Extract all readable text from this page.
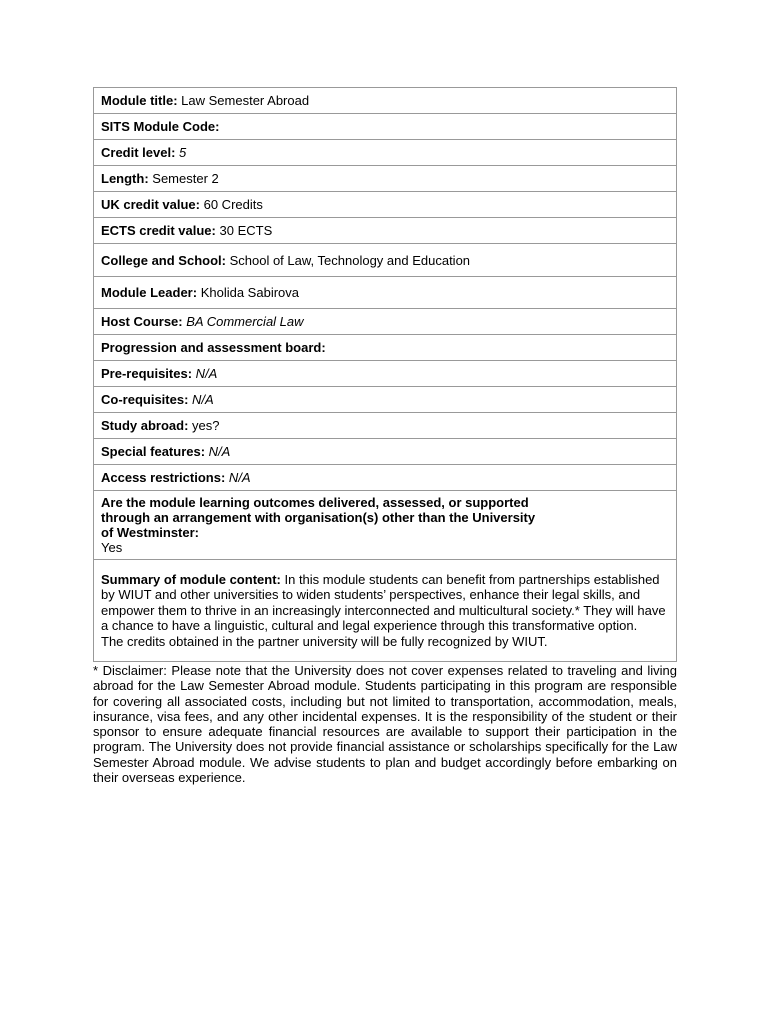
Module title: Law Semester Abroad
SITS Module Code:
Credit level: 5
Length: Semester 2
UK credit value: 60 Credits
ECTS credit value: 30 ECTS
College and School: School of Law, Technology and Education
Module Leader: Kholida Sabirova
Host Course: BA Commercial Law
Progression and assessment board:
Pre-requisites: N/A
Co-requisites: N/A
Study abroad: yes?
Special features: N/A
Access restrictions: N/A

Are the module learning outcomes delivered, assessed, or supported
through an arrangement with organisation(s) other than the University
of Westminster:
Yes

Summary of module content: In this module students can benefit from partnerships established by WIUT and other universities to widen students’ perspectives, enhance their legal skills, and empower them to thrive in an increasingly interconnected and multicultural society.* They will have a chance to have a linguistic, cultural and legal experience through this transformative option.
The credits obtained in the partner university will be fully recognized by WIUT.

* Disclaimer: Please note that the University does not cover expenses related to traveling and living abroad for the Law Semester Abroad module. Students participating in this program are responsible for covering all associated costs, including but not limited to transportation, accommodation, meals, insurance, visa fees, and any other incidental expenses. It is the responsibility of the student or their sponsor to ensure adequate financial resources are available to support their participation in the program. The University does not provide financial assistance or scholarships specifically for the Law Semester Abroad module. We advise students to plan and budget accordingly before embarking on their overseas experience.
